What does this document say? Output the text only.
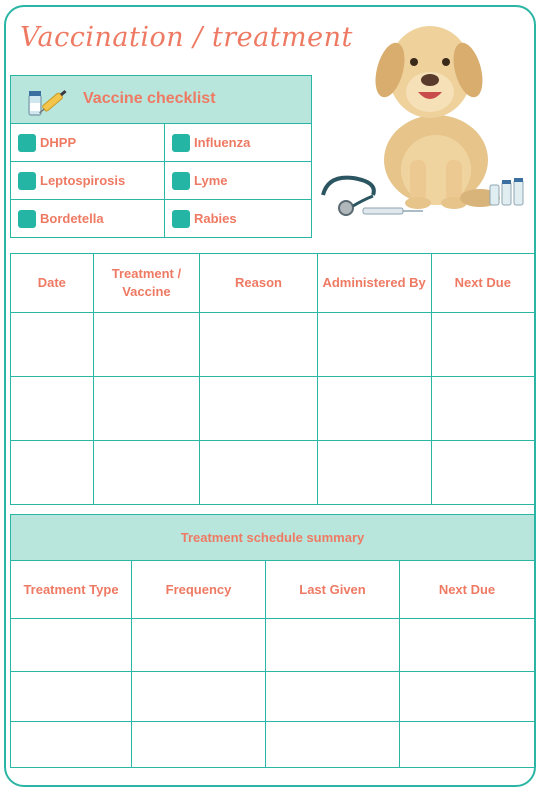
Vaccination / treatment
Vaccine checklist
DHPP	Influenza
Leptospirosis	Lyme
Bordetella	Rabies
Date	Treatment / Vaccine	Reason	Administered By	Next Due

Treatment schedule summary			
Treatment Type	Frequency	Last Given	Next Due
